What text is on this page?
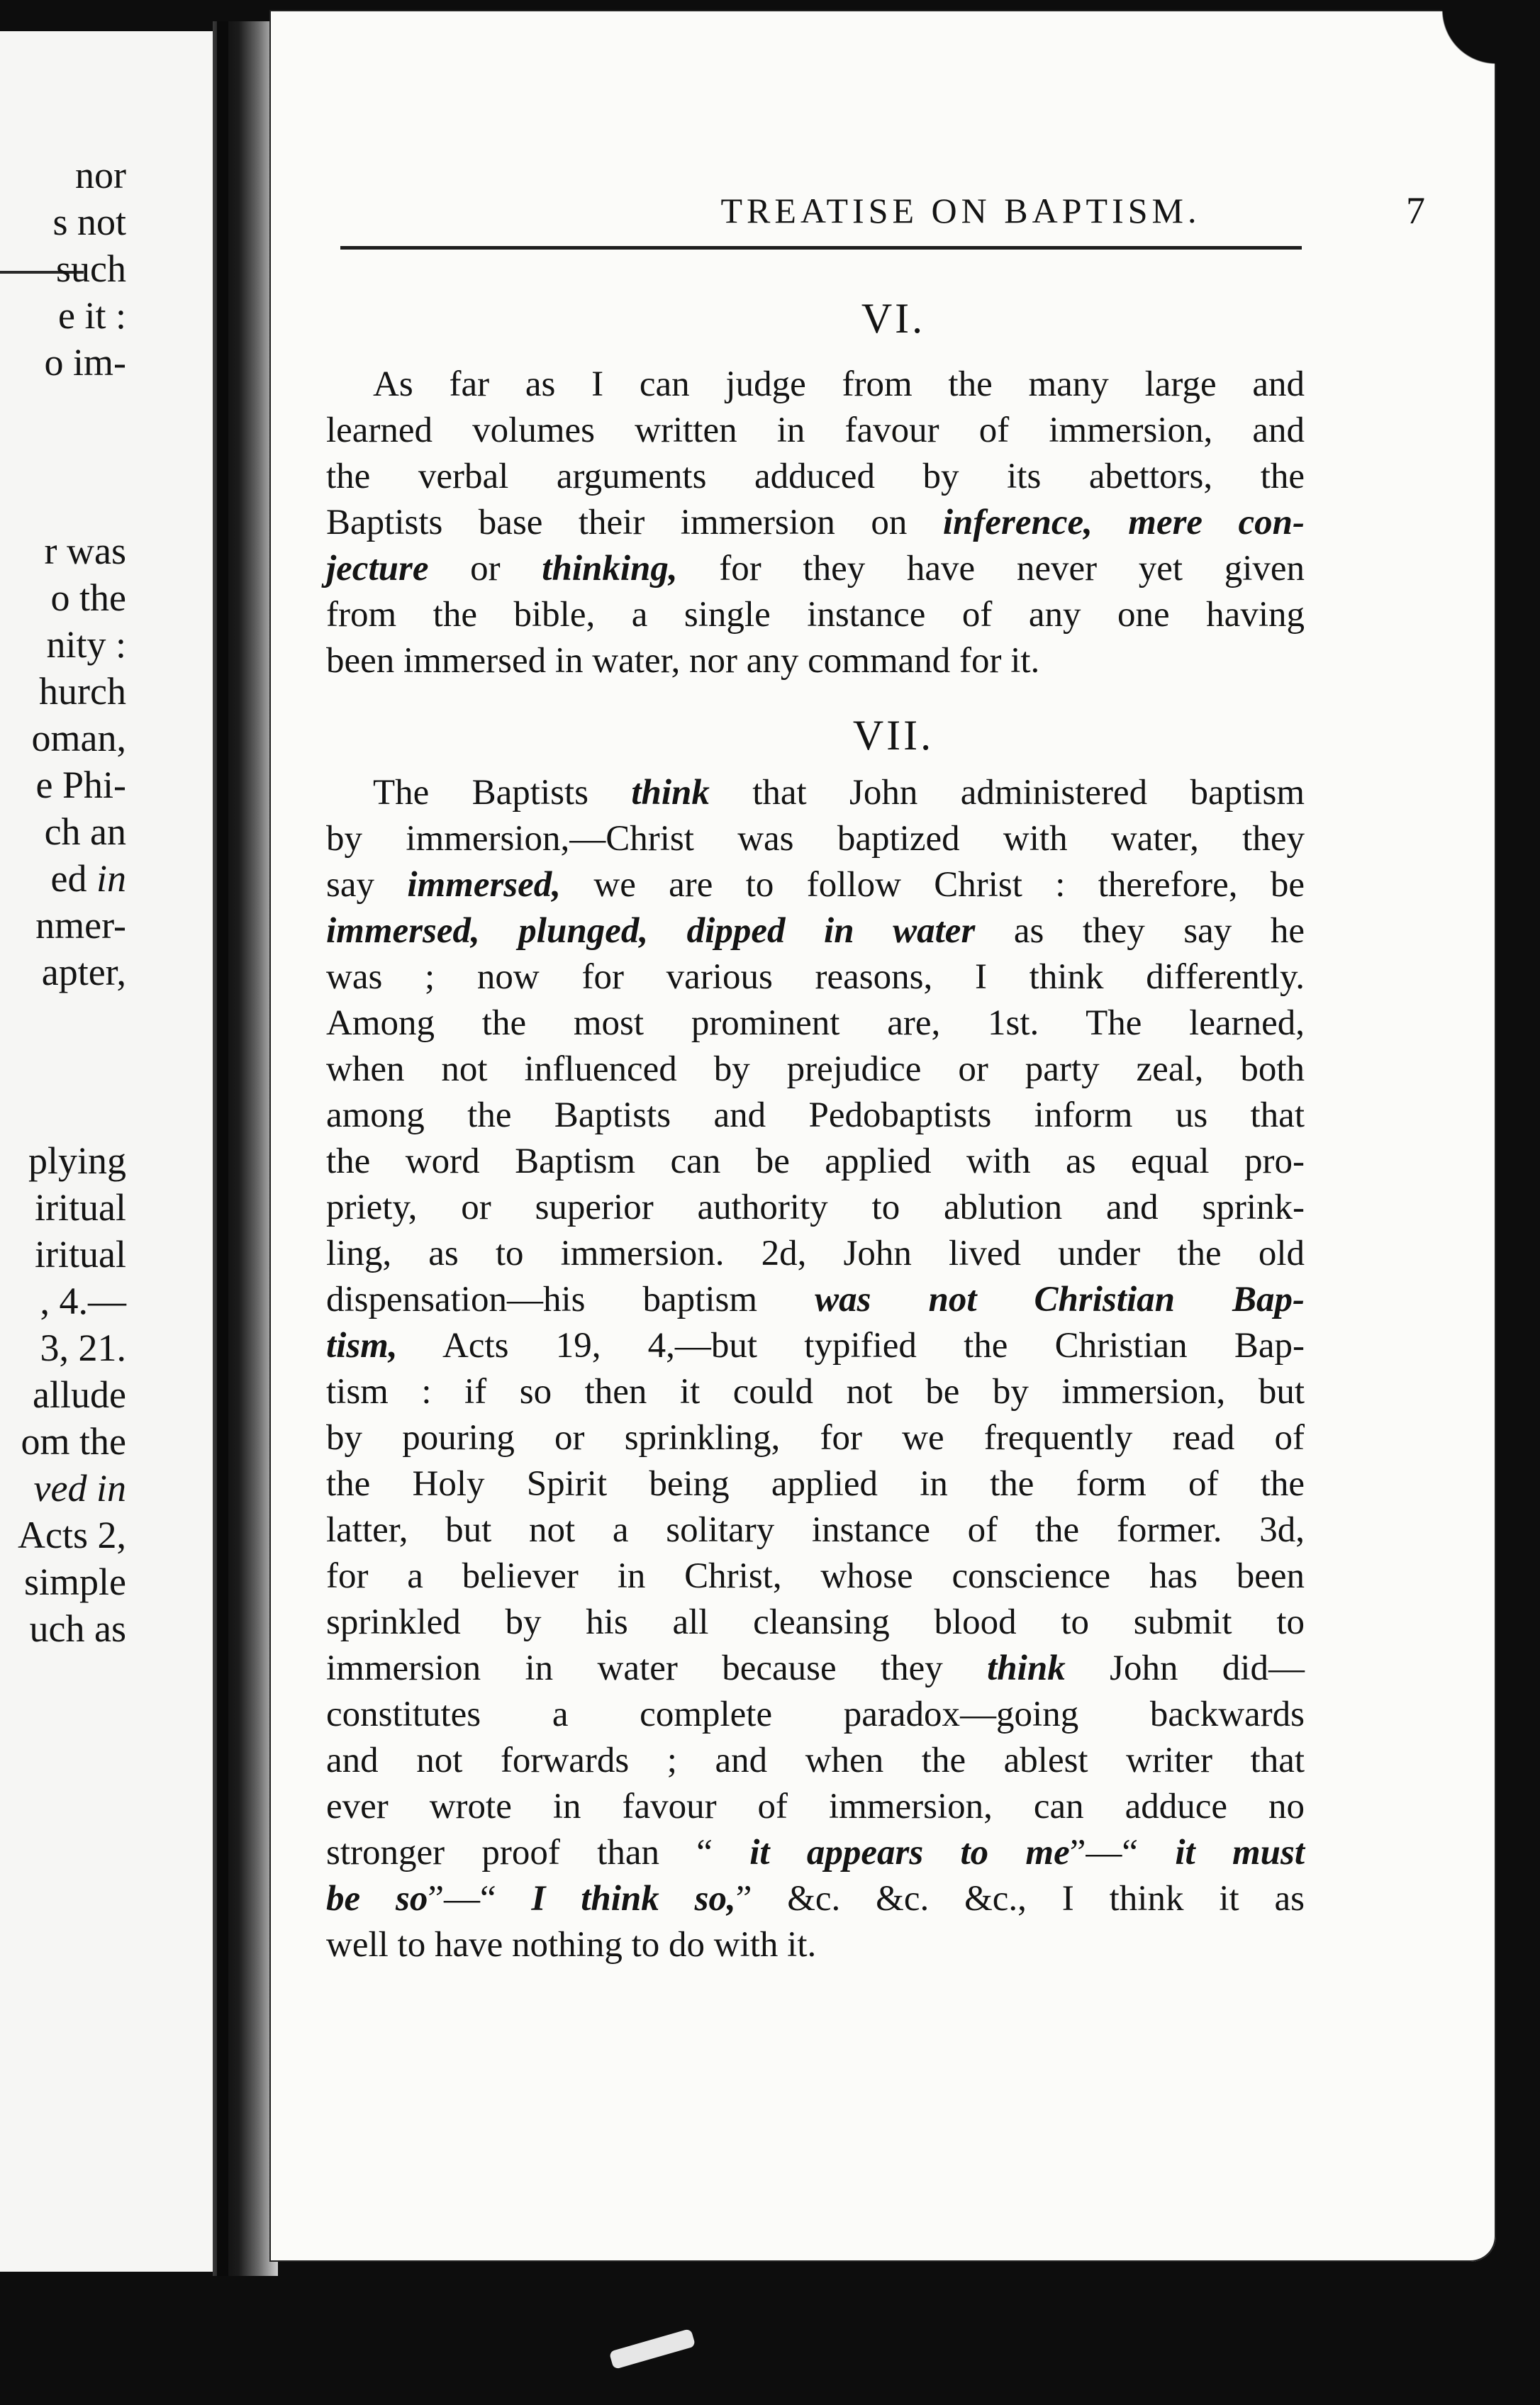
nor
s not
such
e it :
o im-
r was
o the
nity :
hurch
oman,
e Phi-
ch an
ed in
nmer-
apter,
plying
iritual
iritual
, 4.—
3, 21.
allude
om the
ved in
Acts 2,
simple
uch as
TREATISE ON BAPTISM.	7
VI.
As far as I can judge from the many large and
learned volumes written in favour of immersion, and
the verbal arguments adduced by its abettors, the
Baptists base their immersion on inference, mere con-
jecture or thinking, for they have never yet given
from the bible, a single instance of any one having
been immersed in water, nor any command for it.
VII.
The Baptists think that John administered baptism
by immersion,—Christ was baptized with water, they
say immersed, we are to follow Christ : therefore, be
immersed, plunged, dipped in water as they say he
was ; now for various reasons, I think differently.
Among the most prominent are, 1st. The learned,
when not influenced by prejudice or party zeal, both
among the Baptists and Pedobaptists inform us that
the word Baptism can be applied with as equal pro-
priety, or superior authority to ablution and sprink-
ling, as to immersion. 2d, John lived under the old
dispensation—his baptism was not Christian Bap-
tism, Acts 19, 4,—but typified the Christian Bap-
tism : if so then it could not be by immersion, but
by pouring or sprinkling, for we frequently read of
the Holy Spirit being applied in the form of the
latter, but not a solitary instance of the former. 3d,
for a believer in Christ, whose conscience has been
sprinkled by his all cleansing blood to submit to
immersion in water because they think John did—
constitutes a complete paradox—going backwards
and not forwards ; and when the ablest writer that
ever wrote in favour of immersion, can adduce no
stronger proof than “ it appears to me”—“ it must
be so”—“ I think so,” &c. &c. &c., I think it as
well to have nothing to do with it.
